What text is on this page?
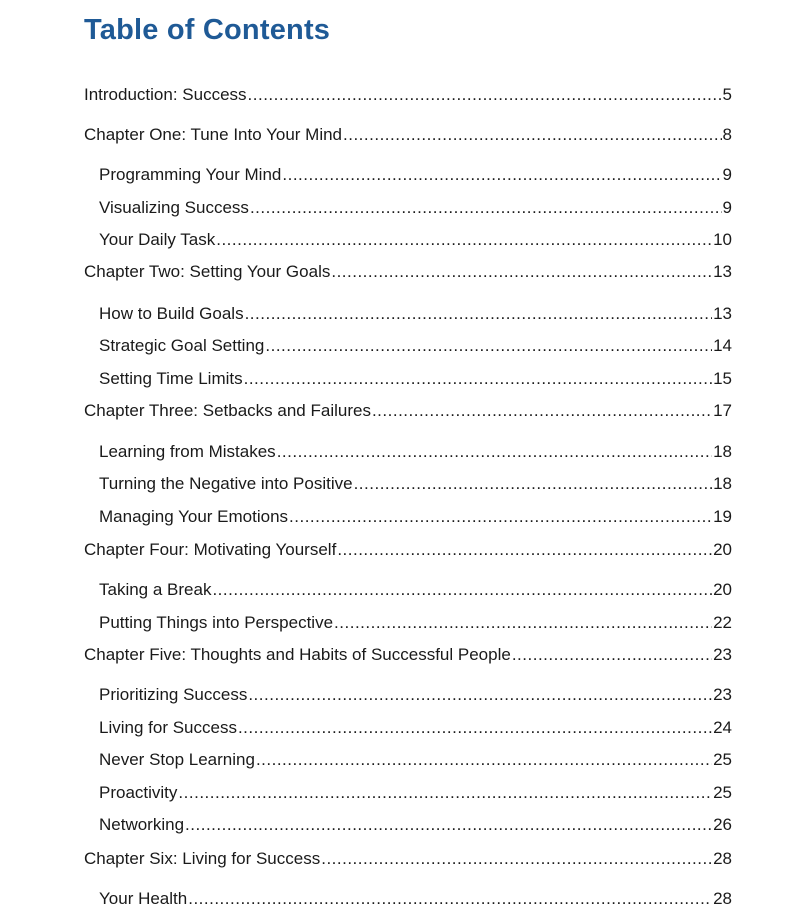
Table of Contents
Introduction: Success .....	5
Chapter One: Tune Into Your Mind .....	8
Programming Your Mind .....	9
Visualizing Success .....	9
Your Daily Task .....	10
Chapter Two: Setting Your Goals .....	13
How to Build Goals .....	13
Strategic Goal Setting .....	14
Setting Time Limits .....	15
Chapter Three: Setbacks and Failures .....	17
Learning from Mistakes .....	18
Turning the Negative into Positive .....	18
Managing Your Emotions .....	19
Chapter Four: Motivating Yourself .....	20
Taking a Break .....	20
Putting Things into Perspective .....	22
Chapter Five: Thoughts and Habits of Successful People .....	23
Prioritizing Success .....	23
Living for Success .....	24
Never Stop Learning .....	25
Proactivity .....	25
Networking .....	26
Chapter Six: Living for Success .....	28
Your Health .....	28
